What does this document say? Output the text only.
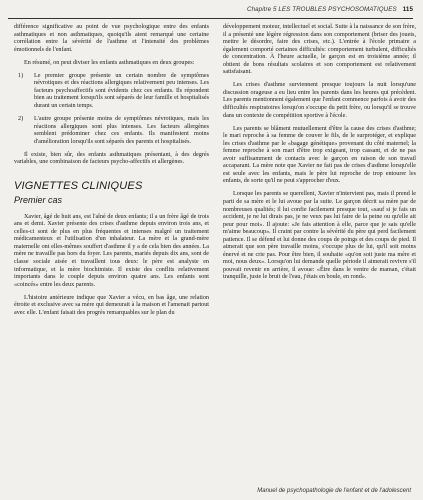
Chapitre 5 LES TROUBLES PSYCHOSOMATIQUES 115

différence significative au point de vue psychologique entre des enfants asthmatiques et non asthmatiques, quoiqu'ils aient remarqué une certaine corrélation entre la sévérité de l'asthme et l'intensité des problèmes émotionnels de l'enfant.

En résumé, on peut diviser les enfants asthmatiques en deux groupes:

1) Le premier groupe présente un certain nombre de symptômes névrotiques et des réactions allergiques relativement peu intenses. Les facteurs psychoaffectifs sont évidents chez ces enfants. Ils répondent bien au traitement lorsqu'ils sont séparés de leur famille et hospitalisés durant un certain temps.

2) L'autre groupe présente moins de symptômes névrotiques, mais les réactions allergiques sont plus intenses. Les facteurs allergènes semblent prédominer chez ces enfants. Ils manifestent moins d'amélioration lorsqu'ils sont séparés des parents et hospitalisés.

Il existe, bien sûr, des enfants asthmatiques présentant, à des degrés variables, une combinaison de facteurs psycho-affectifs et allergènes.

VIGNETTES CLINIQUES
Premier cas

Xavier, âgé de huit ans, est l'aîné de deux enfants; il a un frère âgé de trois ans et demi. Xavier présente des crises d'asthme depuis environ trois ans, et celles-ci sont de plus en plus fréquentes et intenses malgré un traitement médicamenteux et l'utilisation d'un inhalateur. La mère et la grand-mère maternelle ont elles-mêmes souffert d'asthme il y a de cela bien des années. La mère ne travaille pas hors du foyer. Les parents, mariés depuis dix ans, sont de classe sociale aisée et travaillent tous deux: le père est analyste en informatique, et la mère biochimiste. Il existe des conflits relativement importants dans le couple depuis environ quatre ans. Les enfants sont «coincés» entre les deux parents.

L'histoire antérieure indique que Xavier a vécu, en bas âge, une relation étroite et exclusive avec sa mère qui demeurait à la maison et l'amenait partout avec elle. L'enfant faisait des progrès remarquables sur le plan du

développement moteur, intellectuel et social. Suite à la naissance de son frère, il a présenté une légère régression dans son comportement (briser des jouets, mettre le désordre, faire des crises, etc.). L'entrée à l'école primaire a également comporté certaines difficultés: comportement turbulent, difficultés de concentration. À l'heure actuelle, le garçon est en troisième année; il obtient de bons résultats scolaires et son comportement est relativement satisfaisant.

Les crises d'asthme surviennent presque toujours la nuit lorsqu'une discussion orageuse a eu lieu entre les parents dans les heures qui précèdent. Les parents mentionnent également que l'enfant commence parfois à avoir des difficultés respiratoires lorsqu'on s'occupe du petit frère, ou lorsqu'il se trouve dans un contexte de compétition sportive à l'école.

Les parents se blâment mutuellement d'être la cause des crises d'asthme; le mari reproche à sa femme de couver le fils, de le surprotéger, et explique les crises d'asthme par le «bagage génétique» provenant du côté maternel; la femme reproche à son mari d'être trop exigeant, trop cassant, et de ne pas avoir suffisamment de contacts avec le garçon en raison de son travail accaparant. La mère note que Xavier ne fait pas de crises d'asthme lorsqu'elle est seule avec les enfants, mais le père lui reproche de trop entourer les enfants, de sorte qu'il ne peut s'approcher d'eux.

Lorsque les parents se querellent, Xavier n'intervient pas, mais il prend le parti de sa mère et le lui avoue par la suite. Le garçon décrit sa mère par de nombreuses qualités; il lui confie facilement presque tout, «sauf si je fais un accident, je ne lui dirais pas, je ne veux pas lui faire de la peine ou qu'elle ait peur pour moi». Il ajoute: «Je fais attention à elle, parce que je sais qu'elle m'aime beaucoup». Il craint par contre la sévérité du père qui perd facilement patience. Il se défend et lui donne des coups de poings et des coups de pied. Il aimerait que son père travaille moins, s'occupe plus de lui, qu'il soit moins énervé et ne crie pas. Pour être bien, il souhaite «qu'on soit juste ma mère et moi, nous deux». Lorsqu'on lui demande quelle période il aimerait revivre s'il pouvait revenir en arrière, il avoue: «Être dans le ventre de maman, c'était tranquille, juste le bruit de l'eau, j'étais en boule, en rond».

Manuel de psychopathologie de l'enfant et de l'adolescent
